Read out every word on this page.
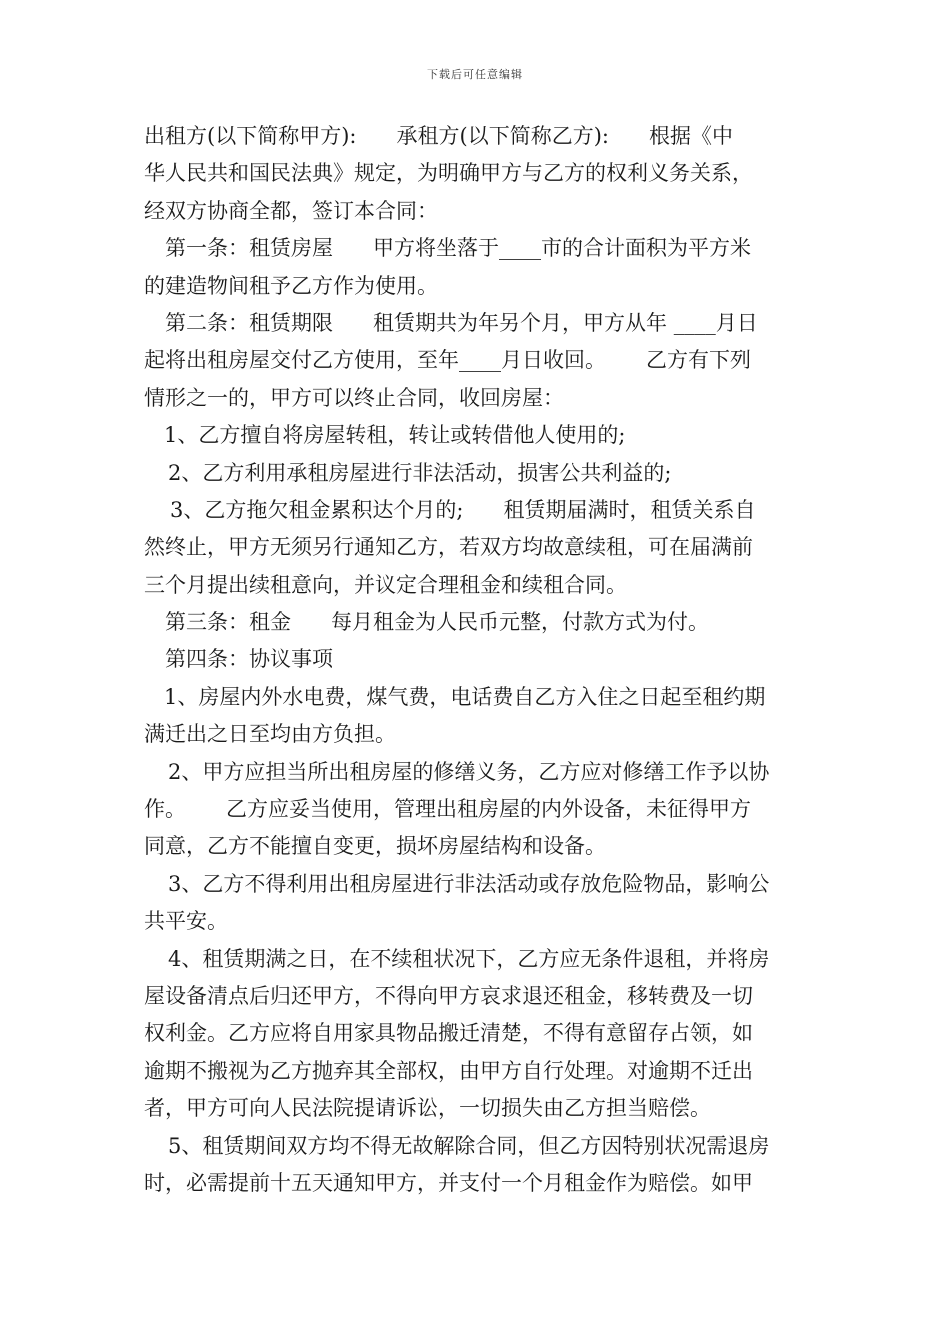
下载后可任意编辑
出租方(以下简称甲方):      承租方(以下简称乙方):      根据《中
华人民共和国民法典》规定，为明确甲方与乙方的权利义务关系，
经双方协商全都，签订本合同：
第一条：租赁房屋      甲方将坐落于____市的合计面积为平方米
的建造物间租予乙方作为使用。
第二条：租赁期限      租赁期共为年另个月，甲方从年 ____月日
起将出租房屋交付乙方使用，至年____月日收回。      乙方有下列
情形之一的，甲方可以终止合同，收回房屋：
1、乙方擅自将房屋转租，转让或转借他人使用的;
2、乙方利用承租房屋进行非法活动，损害公共利益的;
3、乙方拖欠租金累积达个月的;      租赁期届满时，租赁关系自
然终止，甲方无须另行通知乙方，若双方均故意续租，可在届满前
三个月提出续租意向，并议定合理租金和续租合同。
第三条：租金      每月租金为人民币元整，付款方式为付。
第四条：协议事项
1、房屋内外水电费，煤气费，电话费自乙方入住之日起至租约期
满迁出之日至均由方负担。
2、甲方应担当所出租房屋的修缮义务，乙方应对修缮工作予以协
作。      乙方应妥当使用，管理出租房屋的内外设备，未征得甲方
同意，乙方不能擅自变更，损坏房屋结构和设备。
3、乙方不得利用出租房屋进行非法活动或存放危险物品，影响公
共平安。
4、租赁期满之日，在不续租状况下，乙方应无条件退租，并将房
屋设备清点后归还甲方，不得向甲方哀求退还租金，移转费及一切
权利金。乙方应将自用家具物品搬迁清楚，不得有意留存占领，如
逾期不搬视为乙方抛弃其全部权，由甲方自行处理。对逾期不迁出
者，甲方可向人民法院提请诉讼，一切损失由乙方担当赔偿。
5、租赁期间双方均不得无故解除合同，但乙方因特别状况需退房
时，必需提前十五天通知甲方，并支付一个月租金作为赔偿。如甲
